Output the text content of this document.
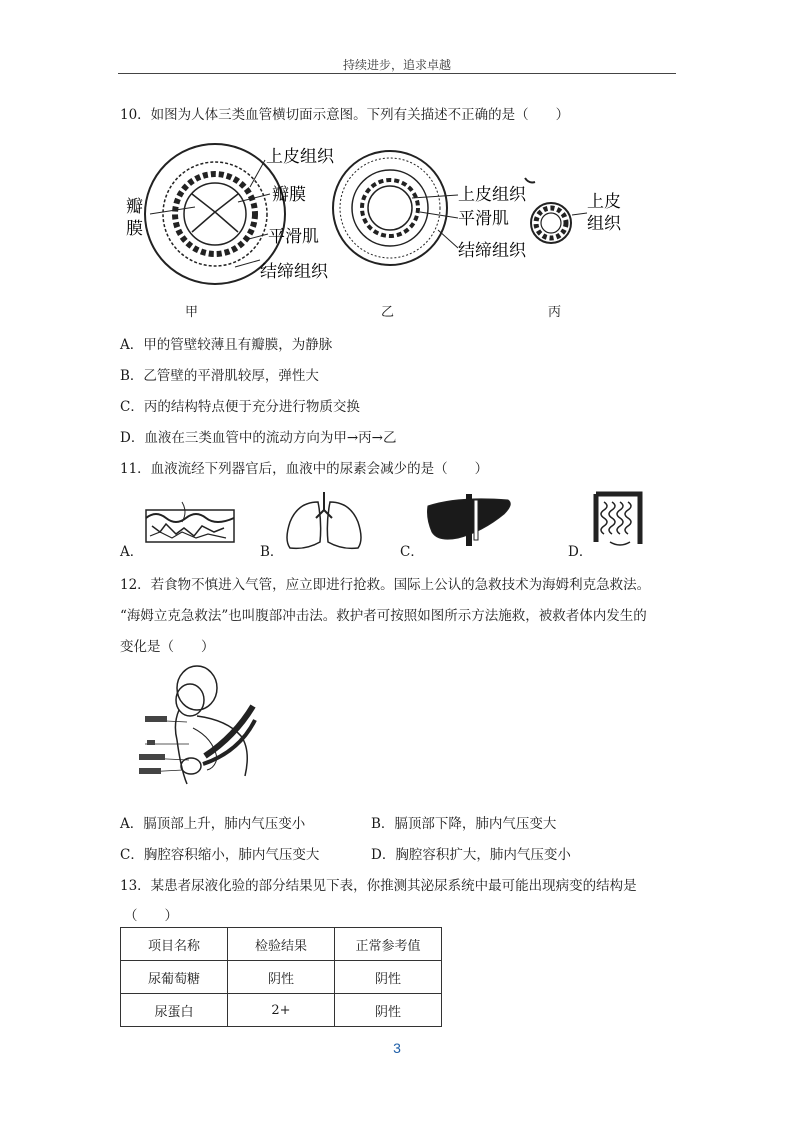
持续进步，追求卓越
10．如图为人体三类血管横切面示意图。下列有关描述不正确的是（　　）
上皮组织
瓣膜
瓣
膜	平滑肌
结缔组织
上皮组织
平滑肌
结缔组织
上皮
组织
甲	乙	丙
A．甲的管壁较薄且有瓣膜，为静脉
B．乙管壁的平滑肌较厚，弹性大
C．丙的结构特点便于充分进行物质交换
D．血液在三类血管中的流动方向为甲→丙→乙
11．血液流经下列器官后，血液中的尿素会减少的是（　　）
A．	B．	C．	D．
12．若食物不慎进入气管，应立即进行抢救。国际上公认的急救技术为海姆利克急救法。
“海姆立克急救法”也叫腹部冲击法。救护者可按照如图所示方法施救，被救者体内发生的
变化是（　　）
A．膈顶部上升，肺内气压变小	B．膈顶部下降，肺内气压变大
C．胸腔容积缩小，肺内气压变大	D．胸腔容积扩大，肺内气压变小
13．某患者尿液化验的部分结果见下表，你推测其泌尿系统中最可能出现病变的结构是
（　　）
项目名称	检验结果	正常参考值
尿葡萄糖	阴性	阴性
尿蛋白	2+	阴性
3
